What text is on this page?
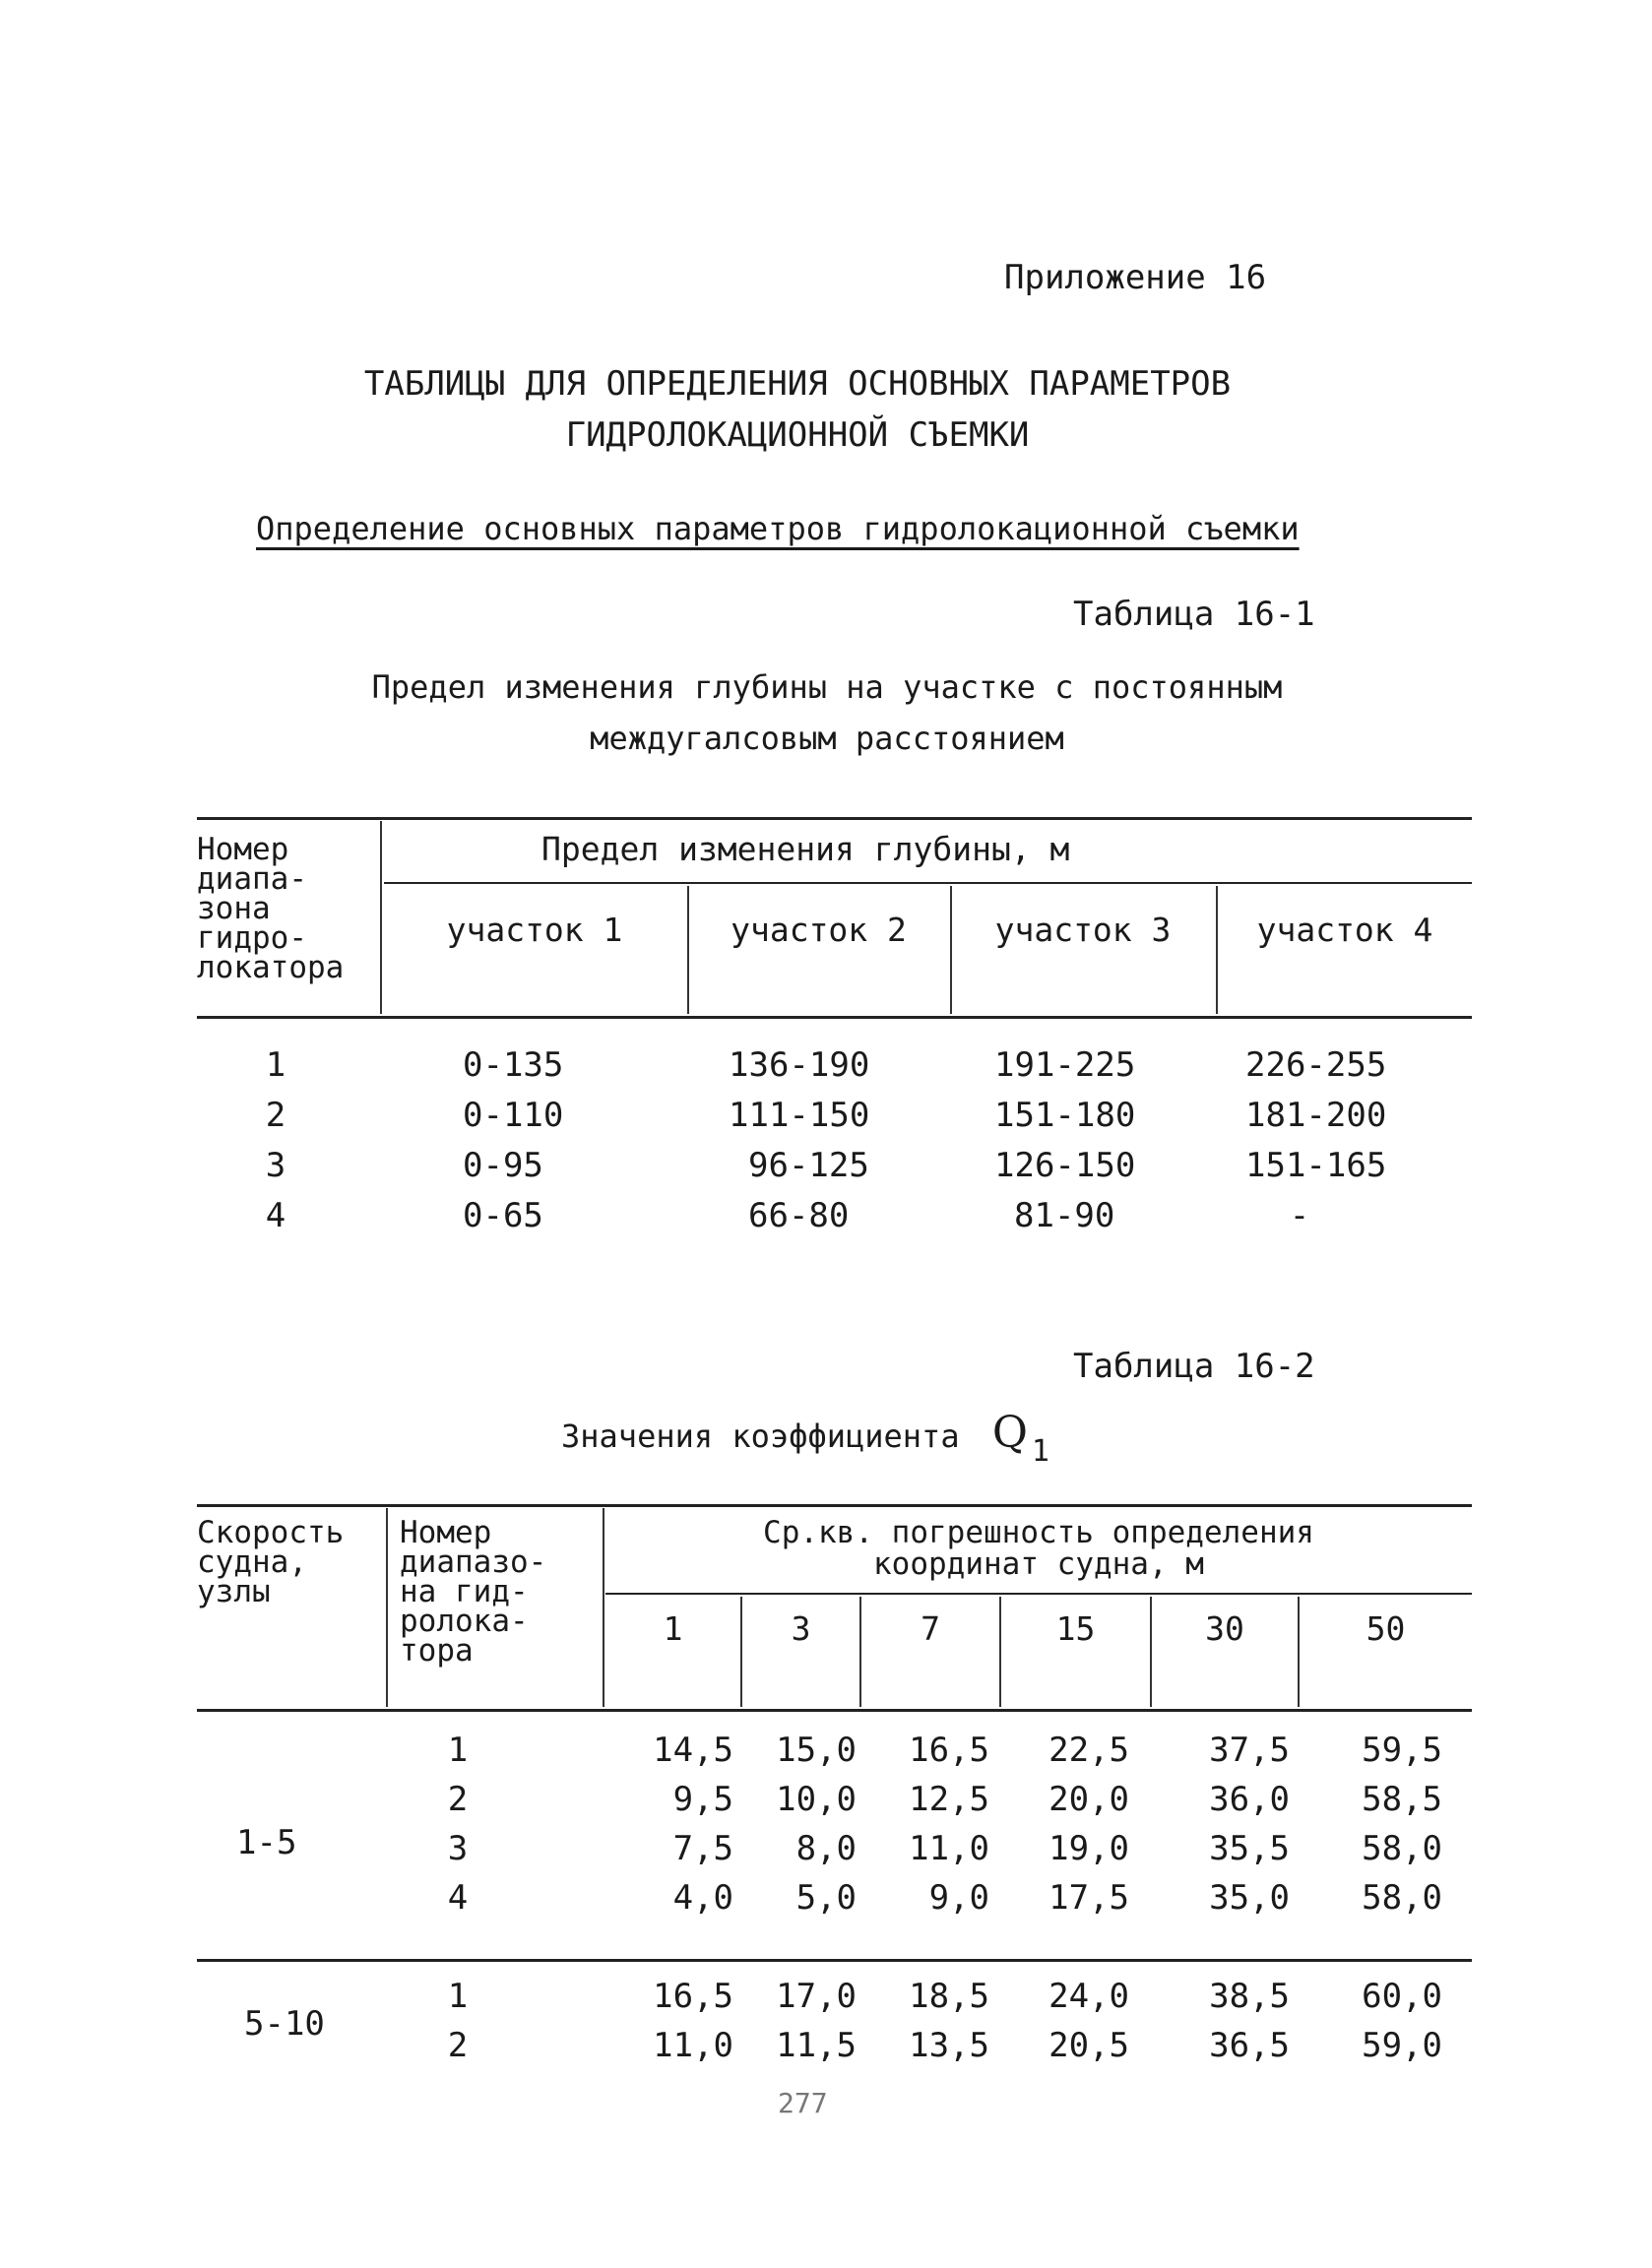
Приложение 16
ТАБЛИЦЫ ДЛЯ ОПРЕДЕЛЕНИЯ ОСНОВНЫХ ПАРАМЕТРОВ
ГИДРОЛОКАЦИОННОЙ СЪЕМКИ
Определение основных параметров гидролокационной съемки
Таблица 16-1
Предел изменения глубины на участке с постоянным
междугалсовым расстоянием
Номер
диапа-
зона
гидро-
локатора
Предел изменения глубины, м
участок 1	участок 2	участок 3	участок 4
1	0-135	136-190	191-225	226-255
2	0-110	111-150	151-180	181-200
3	0-95	96-125	126-150	151-165
4	0-65	66-80	81-90	-
Таблица 16-2
Значения коэффициента Q 1
Скорость
судна,
узлы
Номер
диапазо-
на гид-
ролока-
тора
Ср.кв. погрешность определения
координат судна, м
1	3	7	15	30	50
1-5
1	14,5	15,0	16,5	22,5	37,5	59,5
2	9,5	10,0	12,5	20,0	36,0	58,5
3	7,5	8,0	11,0	19,0	35,5	58,0
4	4,0	5,0	9,0	17,5	35,0	58,0
5-10
1	16,5	17,0	18,5	24,0	38,5	60,0
2	11,0	11,5	13,5	20,5	36,5	59,0
277
